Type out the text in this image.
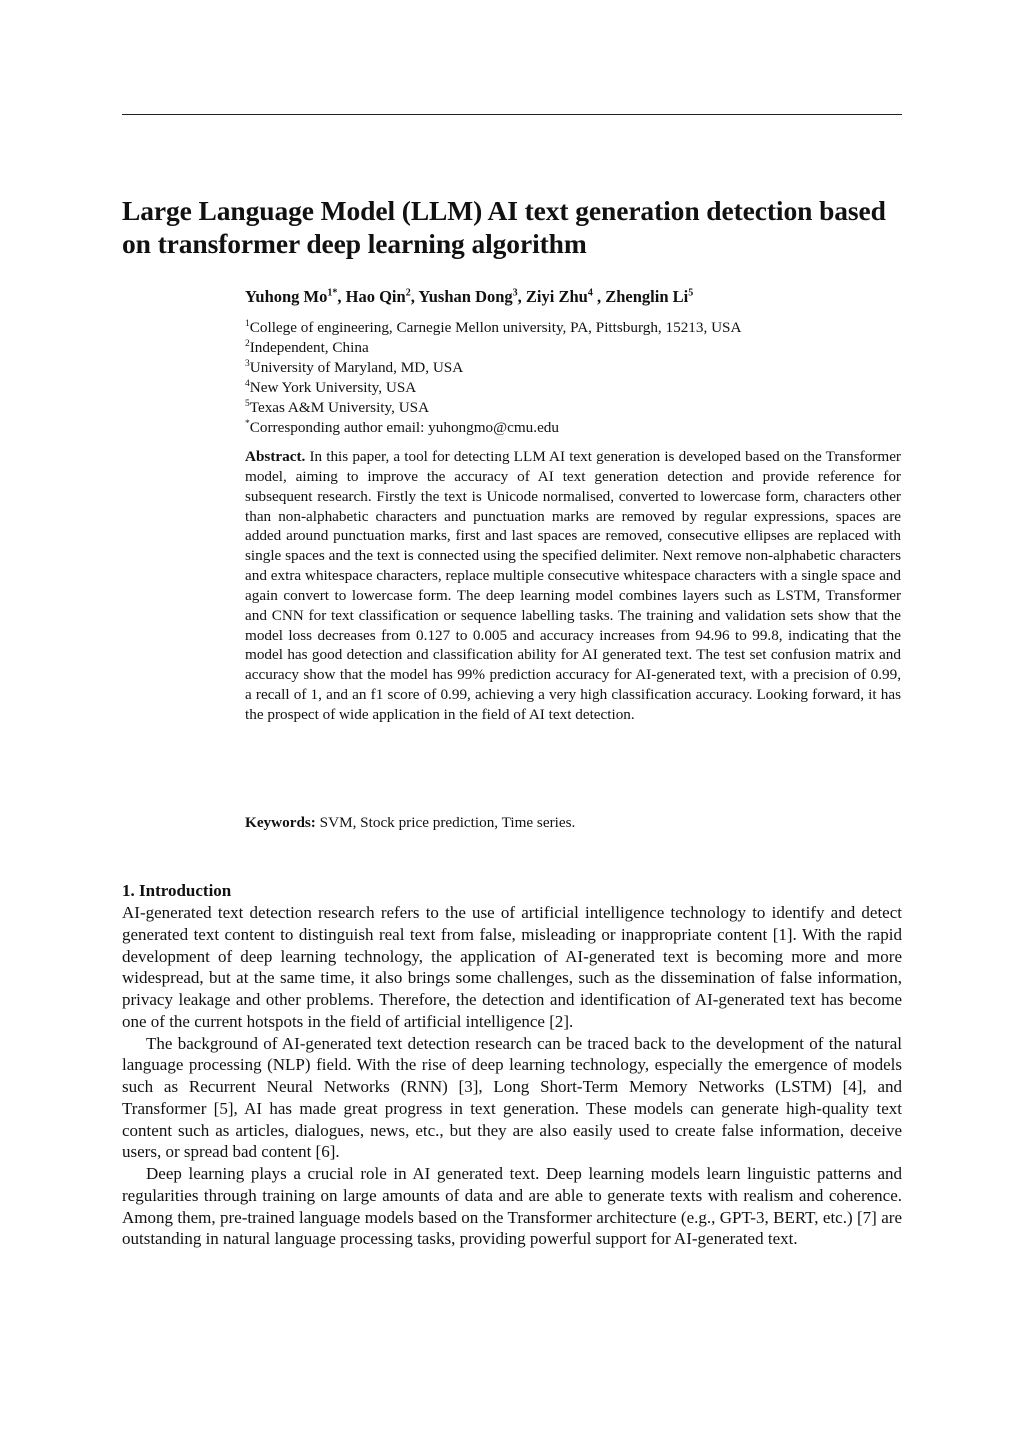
Large Language Model (LLM) AI text generation detection based on transformer deep learning algorithm
Yuhong $Mo^{1*}$, Hao Qin$^2$, Yushan Dong$^3$, Ziyi Zhu$^4$ , Zhenglin Li$^5$
$^1$College of engineering, Carnegie Mellon university, PA, Pittsburgh, 15213, USA
$^2$Independent, China
$^3$University of Maryland, MD, USA
$^4$New York University, USA
$^5$Texas A&M University, USA
*Corresponding author email: yuhongmo@cmu.edu
Abstract. In this paper, a tool for detecting LLM AI text generation is developed based on the Transformer model, aiming to improve the accuracy of AI text generation detection and provide reference for subsequent research. Firstly the text is Unicode normalised, converted to lowercase form, characters other than non-alphabetic characters and punctuation marks are removed by regular expressions, spaces are added around punctuation marks, first and last spaces are removed, consecutive ellipses are replaced with single spaces and the text is connected using the specified delimiter. Next remove non-alphabetic characters and extra whitespace characters, replace multiple consecutive whitespace characters with a single space and again convert to lowercase form. The deep learning model combines layers such as LSTM, Transformer and CNN for text classification or sequence labelling tasks. The training and validation sets show that the model loss decreases from 0.127 to 0.005 and accuracy increases from 94.96 to 99.8, indicating that the model has good detection and classification ability for AI generated text. The test set confusion matrix and accuracy show that the model has 99% prediction accuracy for AI-generated text, with a precision of 0.99, a recall of 1, and an f1 score of 0.99, achieving a very high classification accuracy. Looking forward, it has the prospect of wide application in the field of AI text detection.
Keywords: SVM, Stock price prediction, Time series.
1. Introduction

AI-generated text detection research refers to the use of artificial intelligence technology to identify and detect generated text content to distinguish real text from false, misleading or inappropriate content [1]. With the rapid development of deep learning technology, the application of AI-generated text is becoming more and more widespread, but at the same time, it also brings some challenges, such as the dissemination of false information, privacy leakage and other problems. Therefore, the detection and identification of AI-generated text has become one of the current hotspots in the field of artificial intelligence [2].

The background of AI-generated text detection research can be traced back to the development of the natural language processing (NLP) field. With the rise of deep learning technology, especially the emergence of models such as Recurrent Neural Networks (RNN) [3], Long Short-Term Memory Networks (LSTM) [4], and Transformer [5], AI has made great progress in text generation. These models can generate high-quality text content such as articles, dialogues, news, etc., but they are also easily used to create false information, deceive users, or spread bad content [6].

Deep learning plays a crucial role in AI generated text. Deep learning models learn linguistic patterns and regularities through training on large amounts of data and are able to generate texts with realism and coherence. Among them, pre-trained language models based on the Transformer architecture (e.g., GPT-3, BERT, etc.) [7] are outstanding in natural language processing tasks, providing powerful support for AI-generated text.
